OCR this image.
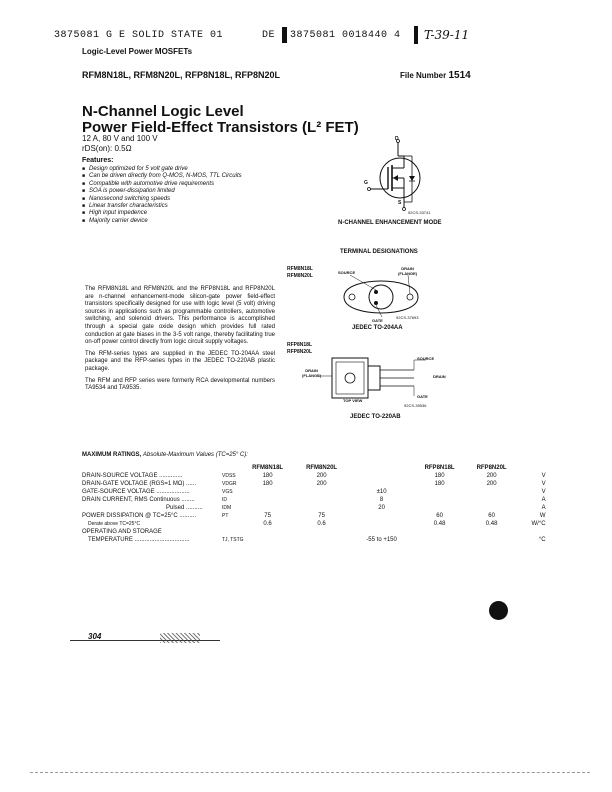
3875081 G E SOLID STATE 01	DE 3875081 0018440 4 T-39-11
Logic-Level Power MOSFETs
RFM8N18L, RFM8N20L, RFP8N18L, RFP8N20L	File Number 1514
N-Channel Logic Level
Power Field-Effect Transistors (L² FET)
12 A, 80 V and 100 V
rDS(on): 0.5Ω
Features:
■ Design optimized for 5 volt gate drive
■ Can be driven directly from Q-MOS, N-MOS, TTL Circuits
■ Compatible with automotive drive requirements
■ SOA is power-dissipation limited
■ Nanosecond switching speeds
■ Linear transfer characteristics
■ High input impedence
■ Majority carrier device
D
G
S
92CS-33741
N-CHANNEL ENHANCEMENT MODE
TERMINAL DESIGNATIONS
RFM8N18L
RFM8N20L
SOURCE
DRAIN
(FLANGE)
GATE
92CS-37693
JEDEC TO-204AA
RFP8N18L
RFP8N20L
SOURCE
DRAIN
DRAIN
(FLANGE)
GATE
TOP VIEW
92CS-39536
JEDEC TO-220AB

The RFM8N18L and RFM8N20L and the RFP8N18L and RFP8N20L are n-channel enhancement-mode silicon-gate power field-effect transistors specifically designed for use with logic level (5 volt) driving sources in applications such as programmable controllers, automotive switching, and solenoid drivers. This performance is accomplished through a special gate oxide design which provides full rated conduction at gate biases in the 3-5 volt range, thereby facilitating true on-off power control directly from logic circuit supply voltages.

The RFM-series types are supplied in the JEDEC TO-204AA steel package and the RFP-series types in the JEDEC TO-220AB plastic package.

The RFM and RFP series were formerly RCA developmental numbers TA9534 and TA9535.

MAXIMUM RATINGS, Absolute-Maximum Values (TC=25° C):
		RFM8N18L	RFM8N20L		RFP8N18L	RFP8N20L	
DRAIN-SOURCE VOLTAGE ..............	VDSS	180	200		180	200	V
DRAIN-GATE VOLTAGE (RGS=1 MΩ) ......	VDGR	180	200		180	200	V
GATE-SOURCE VOLTAGE ....................	VGS			±10			V
DRAIN CURRENT, RMS Continuous ........	ID			8			A
Pulsed ..........	IDM			20			A
POWER DISSIPATION @ TC=25°C ..........	PT	75	75		60	60	W
Derate above TC=25°C		0.6	0.6		0.48	0.48	W/°C
OPERATING AND STORAGE							
TEMPERATURE .................................	TJ, TSTG			-55 to +150			°C
304
